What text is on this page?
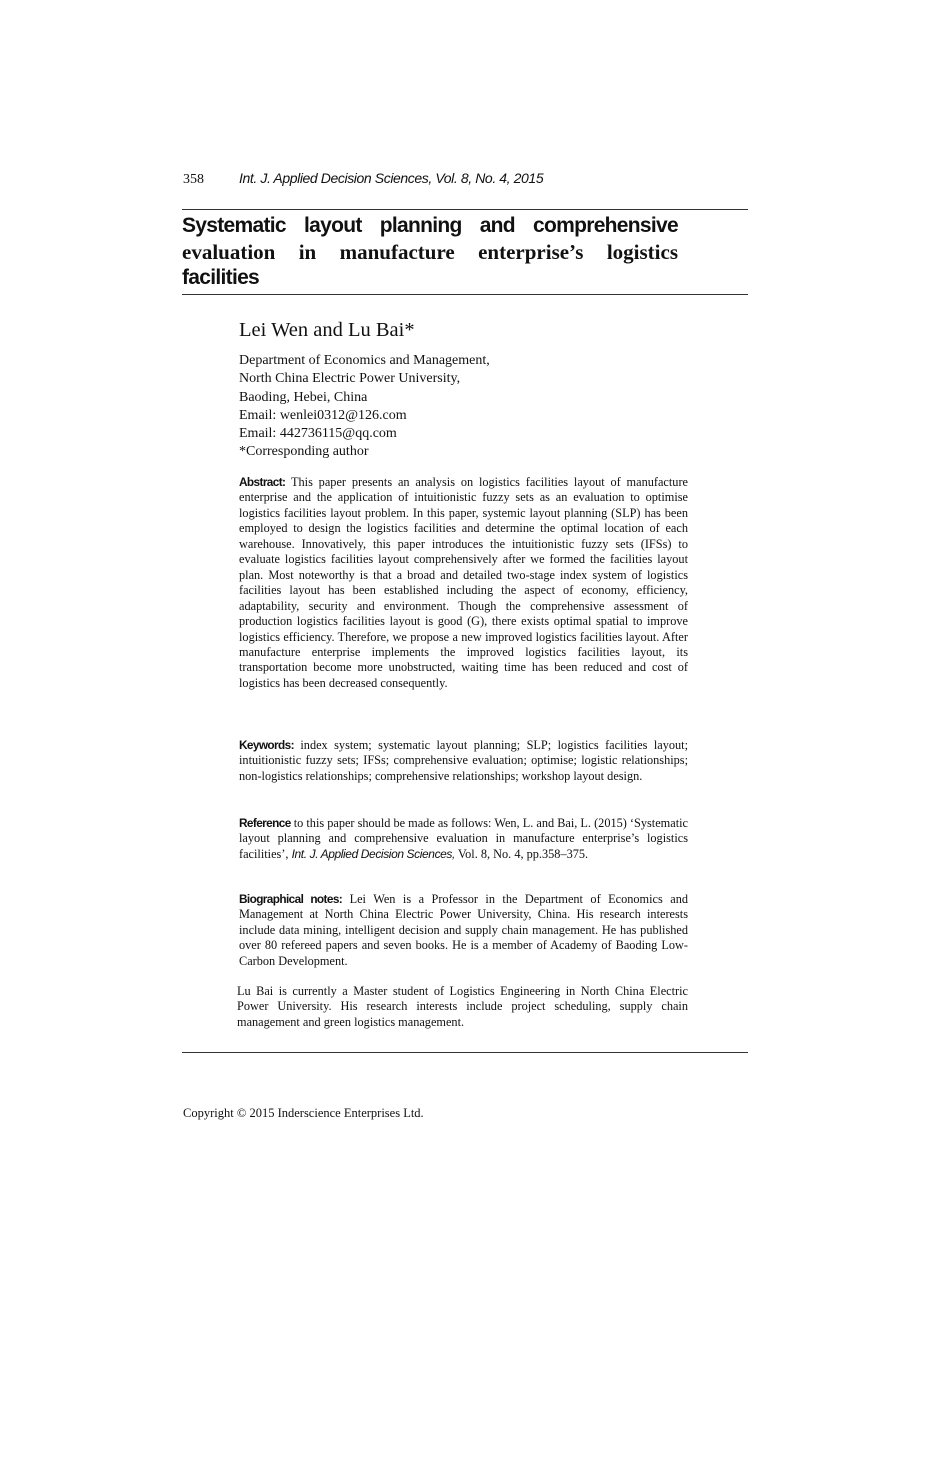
358	Int. J. Applied Decision Sciences, Vol. 8, No. 4, 2015
Systematic layout planning and comprehensive
evaluation in manufacture enterprise’s logistics
facilities
Lei Wen and Lu Bai*
Department of Economics and Management,
North China Electric Power University,
Baoding, Hebei, China
Email: wenlei0312@126.com
Email: 442736115@qq.com
*Corresponding author
Abstract: This paper presents an analysis on logistics facilities layout of manufacture enterprise and the application of intuitionistic fuzzy sets as an evaluation to optimise logistics facilities layout problem. In this paper, systemic layout planning (SLP) has been employed to design the logistics facilities and determine the optimal location of each warehouse. Innovatively, this paper introduces the intuitionistic fuzzy sets (IFSs) to evaluate logistics facilities layout comprehensively after we formed the facilities layout plan. Most noteworthy is that a broad and detailed two-stage index system of logistics facilities layout has been established including the aspect of economy, efficiency, adaptability, security and environment. Though the comprehensive assessment of production logistics facilities layout is good (G), there exists optimal spatial to improve logistics efficiency. Therefore, we propose a new improved logistics facilities layout. After manufacture enterprise implements the improved logistics facilities layout, its transportation become more unobstructed, waiting time has been reduced and cost of logistics has been decreased consequently.
Keywords: index system; systematic layout planning; SLP; logistics facilities layout; intuitionistic fuzzy sets; IFSs; comprehensive evaluation; optimise; logistic relationships; non-logistics relationships; comprehensive relationships; workshop layout design.
Reference to this paper should be made as follows: Wen, L. and Bai, L. (2015) ‘Systematic layout planning and comprehensive evaluation in manufacture enterprise’s logistics facilities’, Int. J. Applied Decision Sciences, Vol. 8, No. 4, pp.358–375.
Biographical notes: Lei Wen is a Professor in the Department of Economics and Management at North China Electric Power University, China. His research interests include data mining, intelligent decision and supply chain management. He has published over 80 refereed papers and seven books. He is a member of Academy of Baoding Low-Carbon Development.
Lu Bai is currently a Master student of Logistics Engineering in North China Electric Power University. His research interests include project scheduling, supply chain management and green logistics management.
Copyright © 2015 Inderscience Enterprises Ltd.
